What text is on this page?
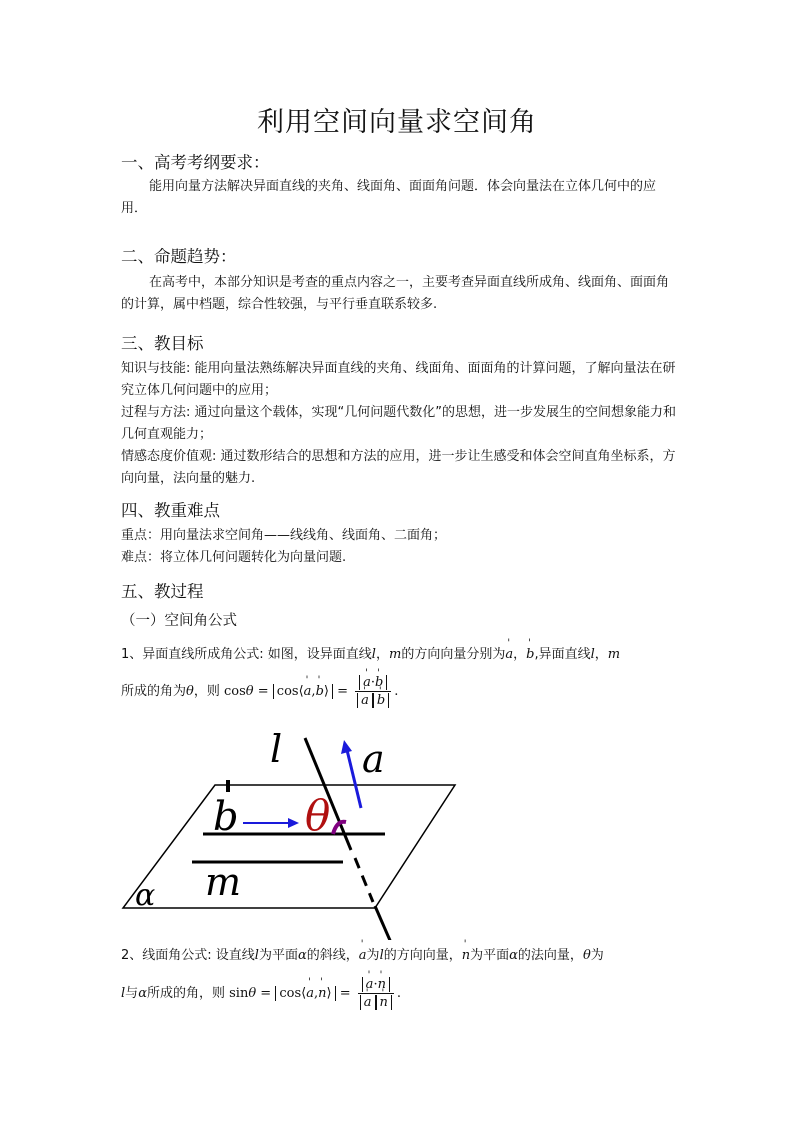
利用空间向量求空间角
一、高考考纲要求：
能用向量方法解决异面直线的夹角、线面角、面面角问题．体会向量法在立体几何中的应用．
二、命题趋势：
在高考中，本部分知识是考查的重点内容之一，主要考查异面直线所成角、线面角、面面角的计算，属中档题，综合性较强，与平行垂直联系较多.
三、教目标
知识与技能: 能用向量法熟练解决异面直线的夹角、线面角、面面角的计算问题，了解向量法在研究立体几何问题中的应用；
过程与方法: 通过向量这个载体，实现“几何问题代数化”的思想，进一步发展生的空间想象能力和几何直观能力；
情感态度价值观: 通过数形结合的思想和方法的应用，进一步让生感受和体会空间直角坐标系，方向向量，法向量的魅力.
四、教重难点
重点：用向量法求空间角——线线角、线面角、二面角；
难点：将立体几何问题转化为向量问题.
五、教过程
（一）空间角公式
1、异面直线所成角公式: 如图，设异面直线l，m的方向向量分别为' a，' b,异面直线l，m
所成的角为θ，则 cosθ = cos⟨' a,' b⟩ = ' a·' b
' a ' b .
l a
b θ
m
α
2、线面角公式: 设直线l为平面α的斜线，' a为l的方向向量，' n为平面α的法向量，θ为
l与α所成的角，则 sinθ = cos⟨' a,' n⟩ = ' a·' n
' a ' n .
